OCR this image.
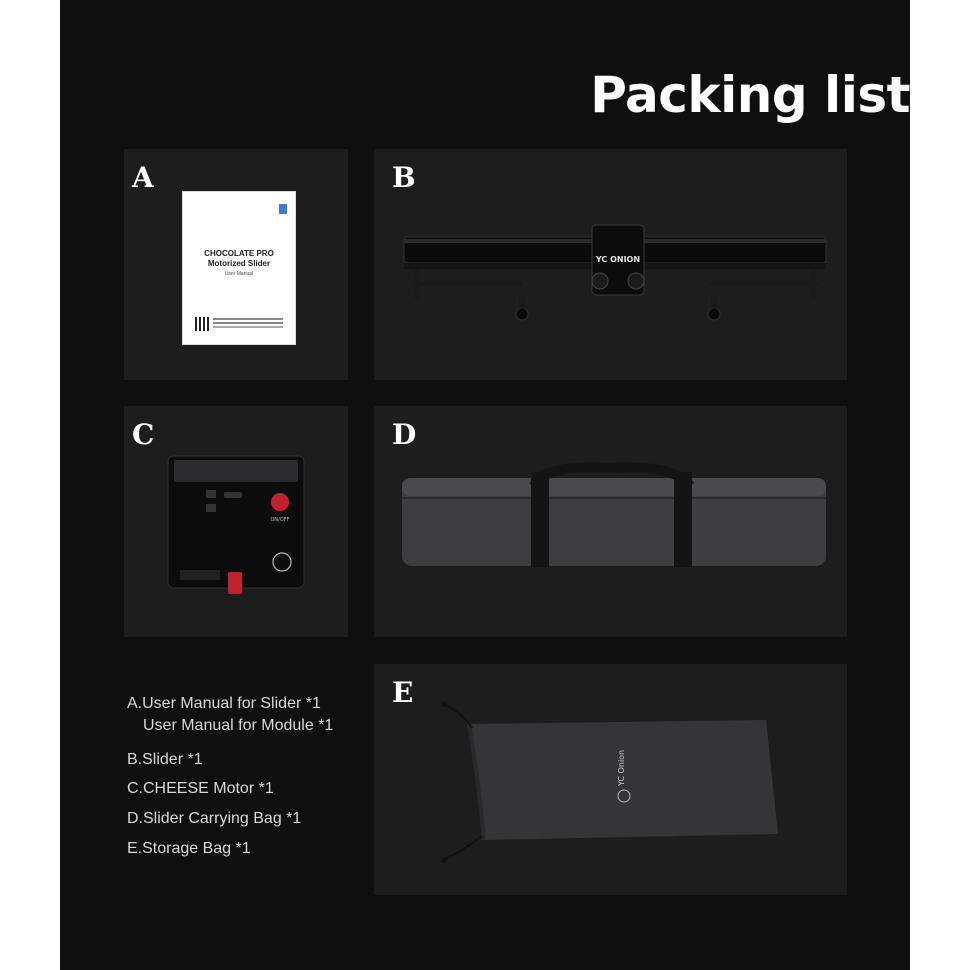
Packing list
A
CHOCOLATE PRO
Motorized Slider
User Manual
B
YC ONION
C
ON/OFF
D
E
YC Onion
A.User Manual for Slider *1
User Manual for Module *1
B.Slider *1
C.CHEESE Motor *1
D.Slider Carrying Bag *1
E.Storage Bag *1
